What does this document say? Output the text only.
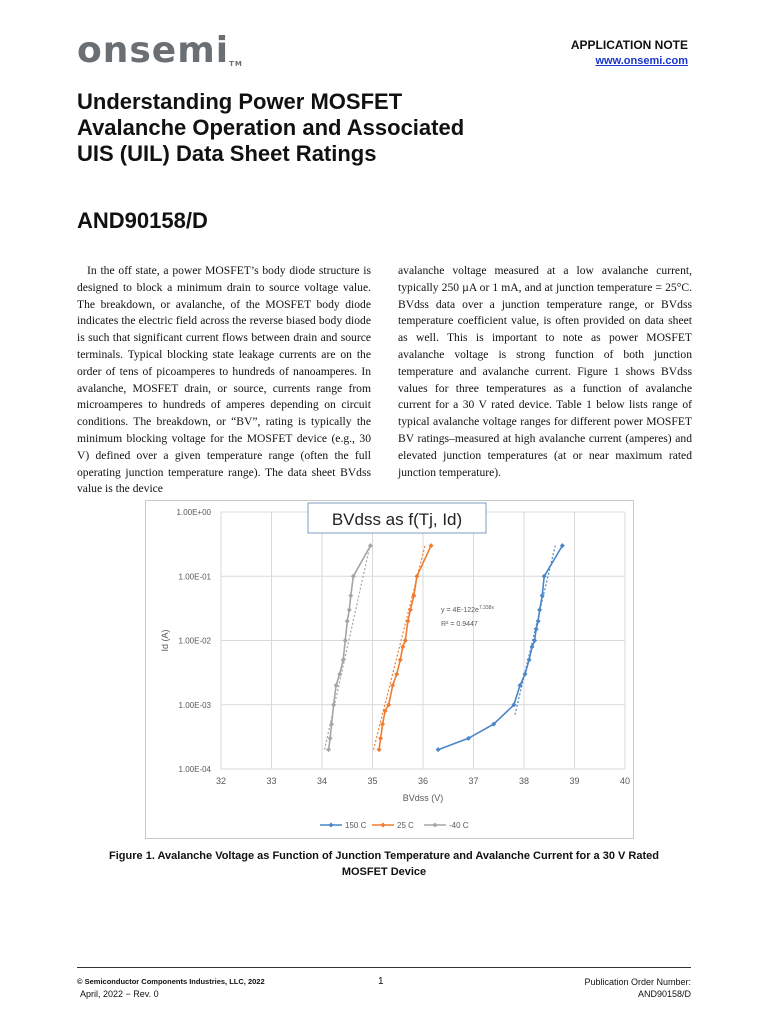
onsemiTM
APPLICATION NOTE
www.onsemi.com
Understanding Power MOSFET Avalanche Operation and Associated UIS (UIL) Data Sheet Ratings
AND90158/D

In the off state, a power MOSFET’s body diode structure is designed to block a minimum drain to source voltage value. The breakdown, or avalanche, of the MOSFET body diode indicates the electric field across the reverse biased body diode is such that significant current flows between drain and source terminals. Typical blocking state leakage currents are on the order of tens of picoamperes to hundreds of nanoamperes. In avalanche, MOSFET drain, or source, currents range from microamperes to hundreds of amperes depending on circuit conditions. The breakdown, or “BV”, rating is typically the minimum blocking voltage for the MOSFET device (e.g., 30 V) defined over a given temperature range (often the full operating junction temperature range). The data sheet BVdss value is the device

avalanche voltage measured at a low avalanche current, typically 250 µA or 1 mA, and at junction temperature = 25°C. BVdss data over a junction temperature range, or BVdss temperature coefficient value, is often provided on data sheet as well. This is important to note as power MOSFET avalanche voltage is strong function of both junction temperature and avalanche current. Figure 1 shows BVdss values for three temperatures as a function of avalanche current for a 30 V rated device. Table 1 below lists range of typical avalanche voltage ranges for different power MOSFET BV ratings–measured at high avalanche current (amperes) and elevated junction temperatures (at or near maximum rated junction temperature).

32	33	34	35	36	37	38	39	40
1.00E+00
1.00E-01
1.00E-02
1.00E-03
1.00E-04
BVdss (V)
Id (A)
BVdss as f(Tj, Id)
$y = 4E-122e^{7.338x}$
R² = 0.9447
150 C	25 C	-40 C

Figure 1. Avalanche Voltage as Function of Junction Temperature and Avalanche Current for a 30 V Rated MOSFET Device

© Semiconductor Components Industries, LLC, 2022
April, 2022 − Rev. 0
1	Publication Order Number:
AND90158/D
